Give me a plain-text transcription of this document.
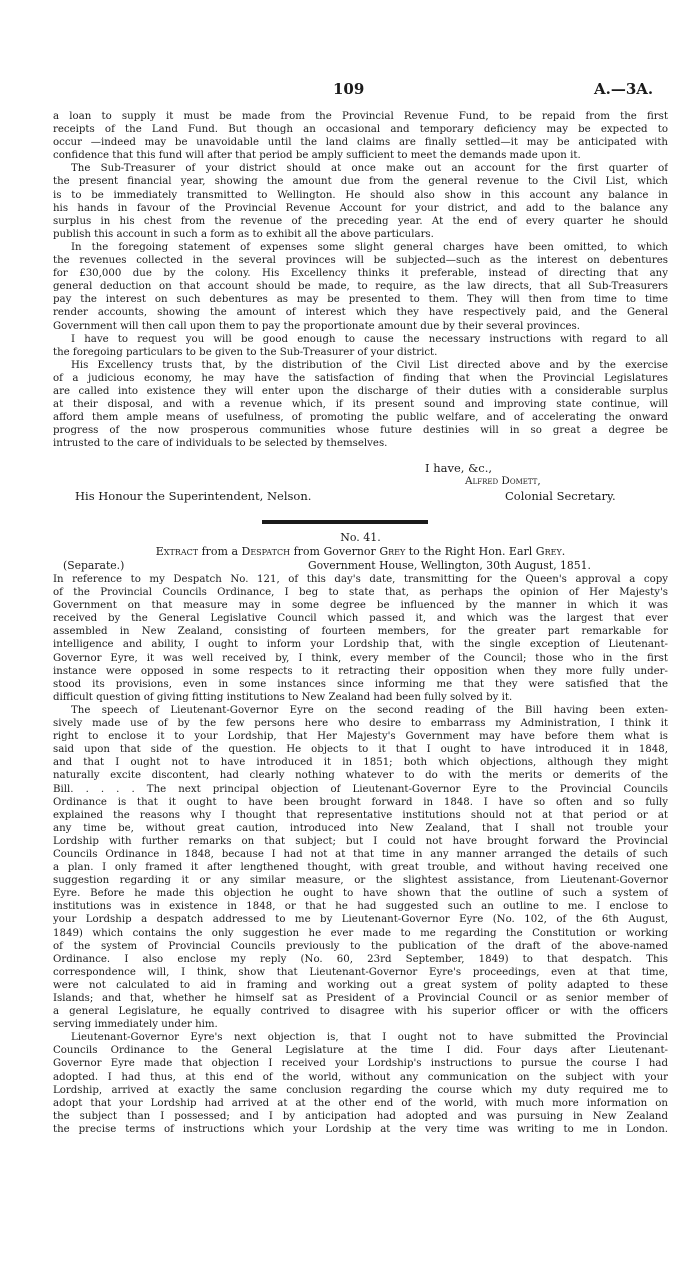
109	A.—3A.
a loan to supply it must be made from the Provincial Revenue Fund, to be repaid from the first
receipts of the Land Fund. But though an occasional and temporary deficiency may be expected to
occur —indeed may be unavoidable until the land claims are finally settled—it may be anticipated with
confidence that this fund will after that period be amply sufficient to meet the demands made upon it.
The Sub-Treasurer of your district should at once make out an account for the first quarter of
the present financial year, showing the amount due from the general revenue to the Civil List, which
is to be immediately transmitted to Wellington. He should also show in this account any balance in
his hands in favour of the Provincial Revenue Account for your district, and add to the balance any
surplus in his chest from the revenue of the preceding year. At the end of every quarter he should
publish this account in such a form as to exhibit all the above particulars.
In the foregoing statement of expenses some slight general charges have been omitted, to which
the revenues collected in the several provinces will be subjected—such as the interest on debentures
for £30,000 due by the colony. His Excellency thinks it preferable, instead of directing that any
general deduction on that account should be made, to require, as the law directs, that all Sub-Treasurers
pay the interest on such debentures as may be presented to them. They will then from time to time
render accounts, showing the amount of interest which they have respectively paid, and the General
Government will then call upon them to pay the proportionate amount due by their several provinces.
I have to request you will be good enough to cause the necessary instructions with regard to all
the foregoing particulars to be given to the Sub-Treasurer of your district.
His Excellency trusts that, by the distribution of the Civil List directed above and by the exercise
of a judicious economy, he may have the satisfaction of finding that when the Provincial Legislatures
are called into existence they will enter upon the discharge of their duties with a considerable surplus
at their disposal, and with a revenue which, if its present sound and improving state continue, will
afford them ample means of usefulness, of promoting the public welfare, and of accelerating the onward
progress of the now prosperous communities whose future destinies will in so great a degree be
intrusted to the care of individuals to be selected by themselves.
I have, &c.,
Alfred Domett,
His Honour the Superintendent, Nelson.	Colonial Secretary.
No. 41.
Extract from a Despatch from Governor Grey to the Right Hon. Earl Grey.
(Separate.)	Government House, Wellington, 30th August, 1851.
In reference to my Despatch No. 121, of this day's date, transmitting for the Queen's approval a copy
of the Provincial Councils Ordinance, I beg to state that, as perhaps the opinion of Her Majesty's
Government on that measure may in some degree be influenced by the manner in which it was
received by the General Legislative Council which passed it, and which was the largest that ever
assembled in New Zealand, consisting of fourteen members, for the greater part remarkable for
intelligence and ability, I ought to inform your Lordship that, with the single exception of Lieutenant-
Governor Eyre, it was well received by, I think, every member of the Council; those who in the first
instance were opposed in some respects to it retracting their opposition when they more fully under-
stood its provisions, even in some instances since informing me that they were satisfied that the
difficult question of giving fitting institutions to New Zealand had been fully solved by it.
The speech of Lieutenant-Governor Eyre on the second reading of the Bill having been exten-
sively made use of by the few persons here who desire to embarrass my Administration, I think it
right to enclose it to your Lordship, that Her Majesty's Government may have before them what is
said upon that side of the question. He objects to it that I ought to have introduced it in 1848,
and that I ought not to have introduced it in 1851; both which objections, although they might
naturally excite discontent, had clearly nothing whatever to do with the merits or demerits of the
Bill. . . . . The next principal objection of Lieutenant-Governor Eyre to the Provincial Councils
Ordinance is that it ought to have been brought forward in 1848. I have so often and so fully
explained the reasons why I thought that representative institutions should not at that period or at
any time be, without great caution, introduced into New Zealand, that I shall not trouble your
Lordship with further remarks on that subject; but I could not have brought forward the Provincial
Councils Ordinance in 1848, because I had not at that time in any manner arranged the details of such
a plan. I only framed it after lengthened thought, with great trouble, and without having received one
suggestion regarding it or any similar measure, or the slightest assistance, from Lieutenant-Governor
Eyre. Before he made this objection he ought to have shown that the outline of such a system of
institutions was in existence in 1848, or that he had suggested such an outline to me. I enclose to
your Lordship a despatch addressed to me by Lieutenant-Governor Eyre (No. 102, of the 6th August,
1849) which contains the only suggestion he ever made to me regarding the Constitution or working
of the system of Provincial Councils previously to the publication of the draft of the above-named
Ordinance. I also enclose my reply (No. 60, 23rd September, 1849) to that despatch. This
correspondence will, I think, show that Lieutenant-Governor Eyre's proceedings, even at that time,
were not calculated to aid in framing and working out a great system of polity adapted to these
Islands; and that, whether he himself sat as President of a Provincial Council or as senior member of
a general Legislature, he equally contrived to disagree with his superior officer or with the officers
serving immediately under him.
Lieutenant-Governor Eyre's next objection is, that I ought not to have submitted the Provincial
Councils Ordinance to the General Legislature at the time I did. Four days after Lieutenant-
Governor Eyre made that objection I received your Lordship's instructions to pursue the course I had
adopted. I had thus, at this end of the world, without any communication on the subject with your
Lordship, arrived at exactly the same conclusion regarding the course which my duty required me to
adopt that your Lordship had arrived at at the other end of the world, with much more information on
the subject than I possessed; and I by anticipation had adopted and was pursuing in New Zealand
the precise terms of instructions which your Lordship at the very time was writing to me in London.
